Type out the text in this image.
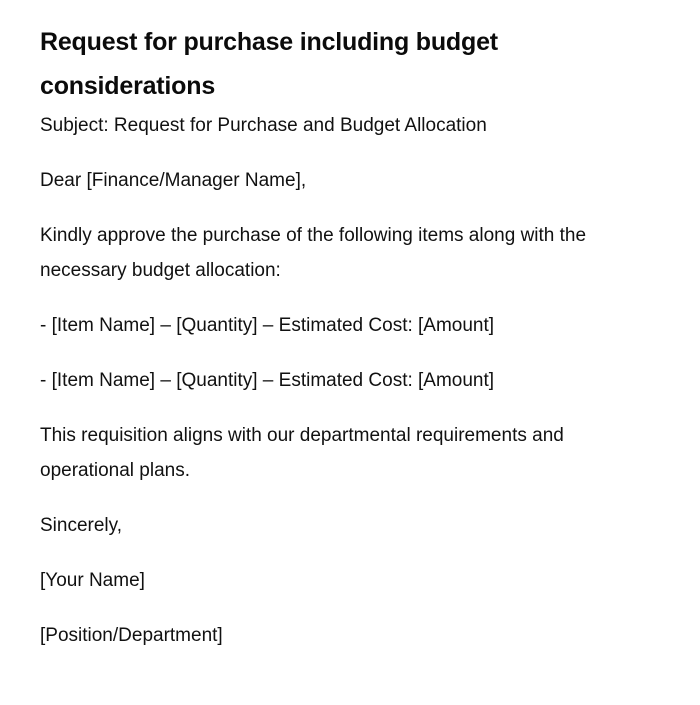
Request for purchase including budget considerations

Subject: Request for Purchase and Budget Allocation

Dear [Finance/Manager Name],

Kindly approve the purchase of the following items along with the necessary budget allocation:

- [Item Name] – [Quantity] – Estimated Cost: [Amount]

- [Item Name] – [Quantity] – Estimated Cost: [Amount]

This requisition aligns with our departmental requirements and operational plans.

Sincerely,

[Your Name]

[Position/Department]
